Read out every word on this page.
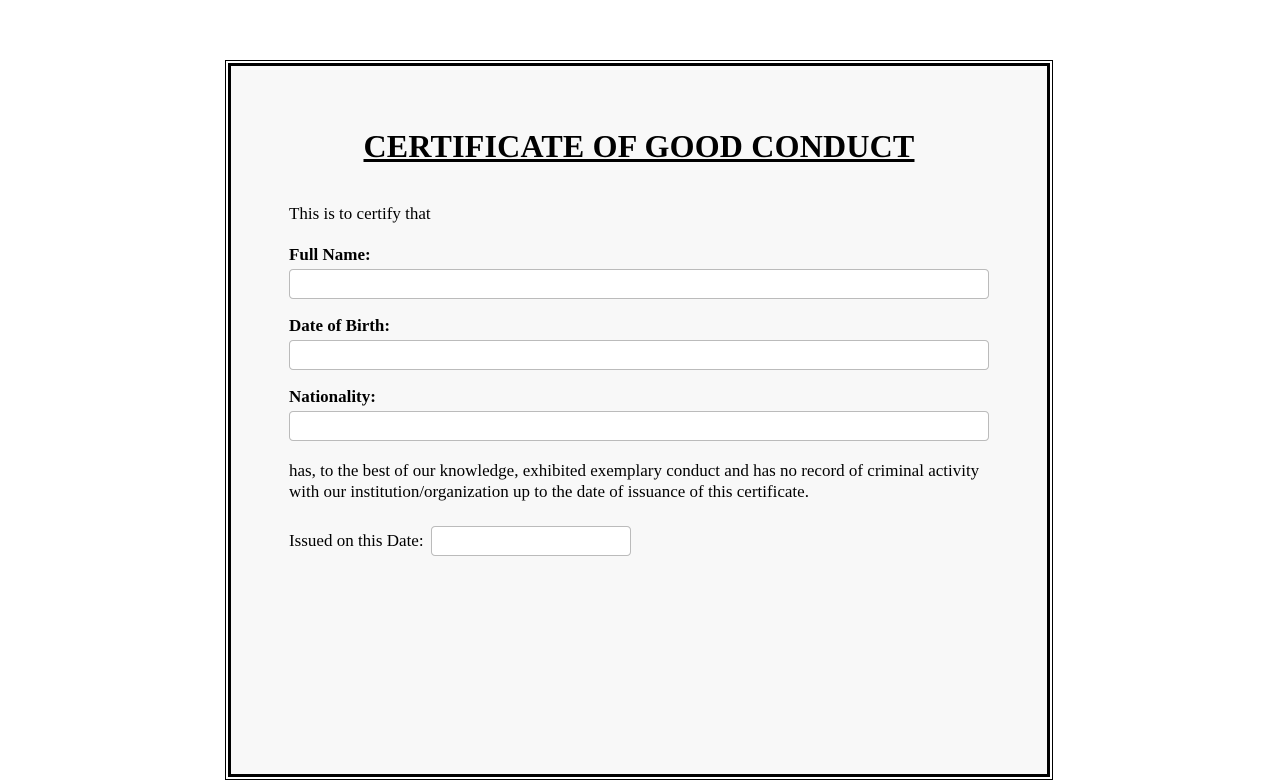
CERTIFICATE OF GOOD CONDUCT

This is to certify that

Full Name:
Date of Birth:
Nationality:

has, to the best of our knowledge, exhibited exemplary conduct and has no record of criminal activity with our institution/organization up to the date of issuance of this certificate.

Issued on this Date:
